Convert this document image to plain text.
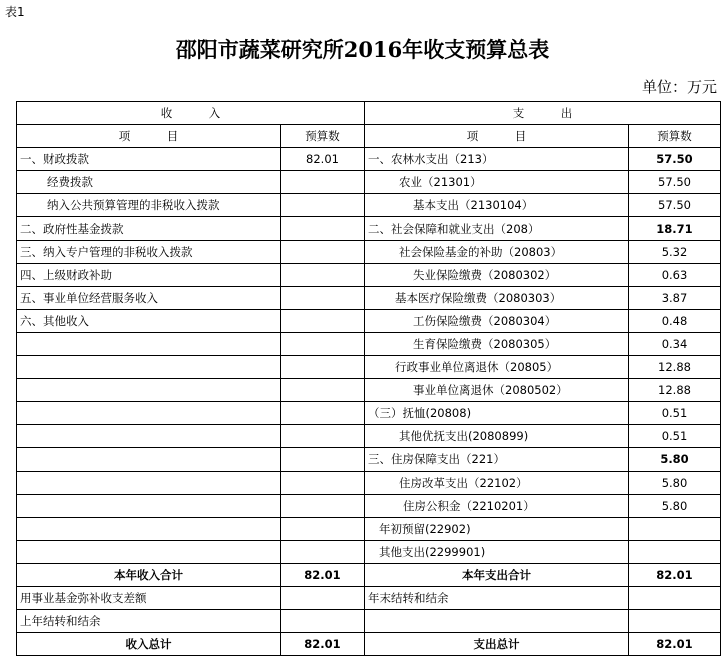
表1
邵阳市蔬菜研究所2016年收支预算总表
单位：万元
收          入		支          出	
项          目	预算数	项          目	预算数
一、财政拨款	82.01	一、农林水支出（213）	57.50
经费拨款		农业（21301）	57.50
纳入公共预算管理的非税收入拨款		基本支出（2130104）	57.50
二、政府性基金拨款		二、社会保障和就业支出（208）	18.71
三、纳入专户管理的非税收入拨款		社会保险基金的补助（20803）	5.32
四、上级财政补助		失业保险缴费（2080302）	0.63
五、事业单位经营服务收入		基本医疗保险缴费（2080303）	3.87
六、其他收入		工伤保险缴费（2080304）	0.48
		生育保险缴费（2080305）	0.34
		行政事业单位离退休（20805）	12.88
		事业单位离退休（2080502）	12.88
		（三）抚恤(20808)	0.51
		其他优抚支出(2080899)	0.51
		三、住房保障支出（221）	5.80
		住房改革支出（22102）	5.80
		住房公积金（2210201）	5.80
		年初预留(22902)	
		其他支出(2299901)	
本年收入合计	82.01	本年支出合计	82.01
用事业基金弥补收支差额		年末结转和结余	
上年结转和结余			
收入总计	82.01	支出总计	82.01
